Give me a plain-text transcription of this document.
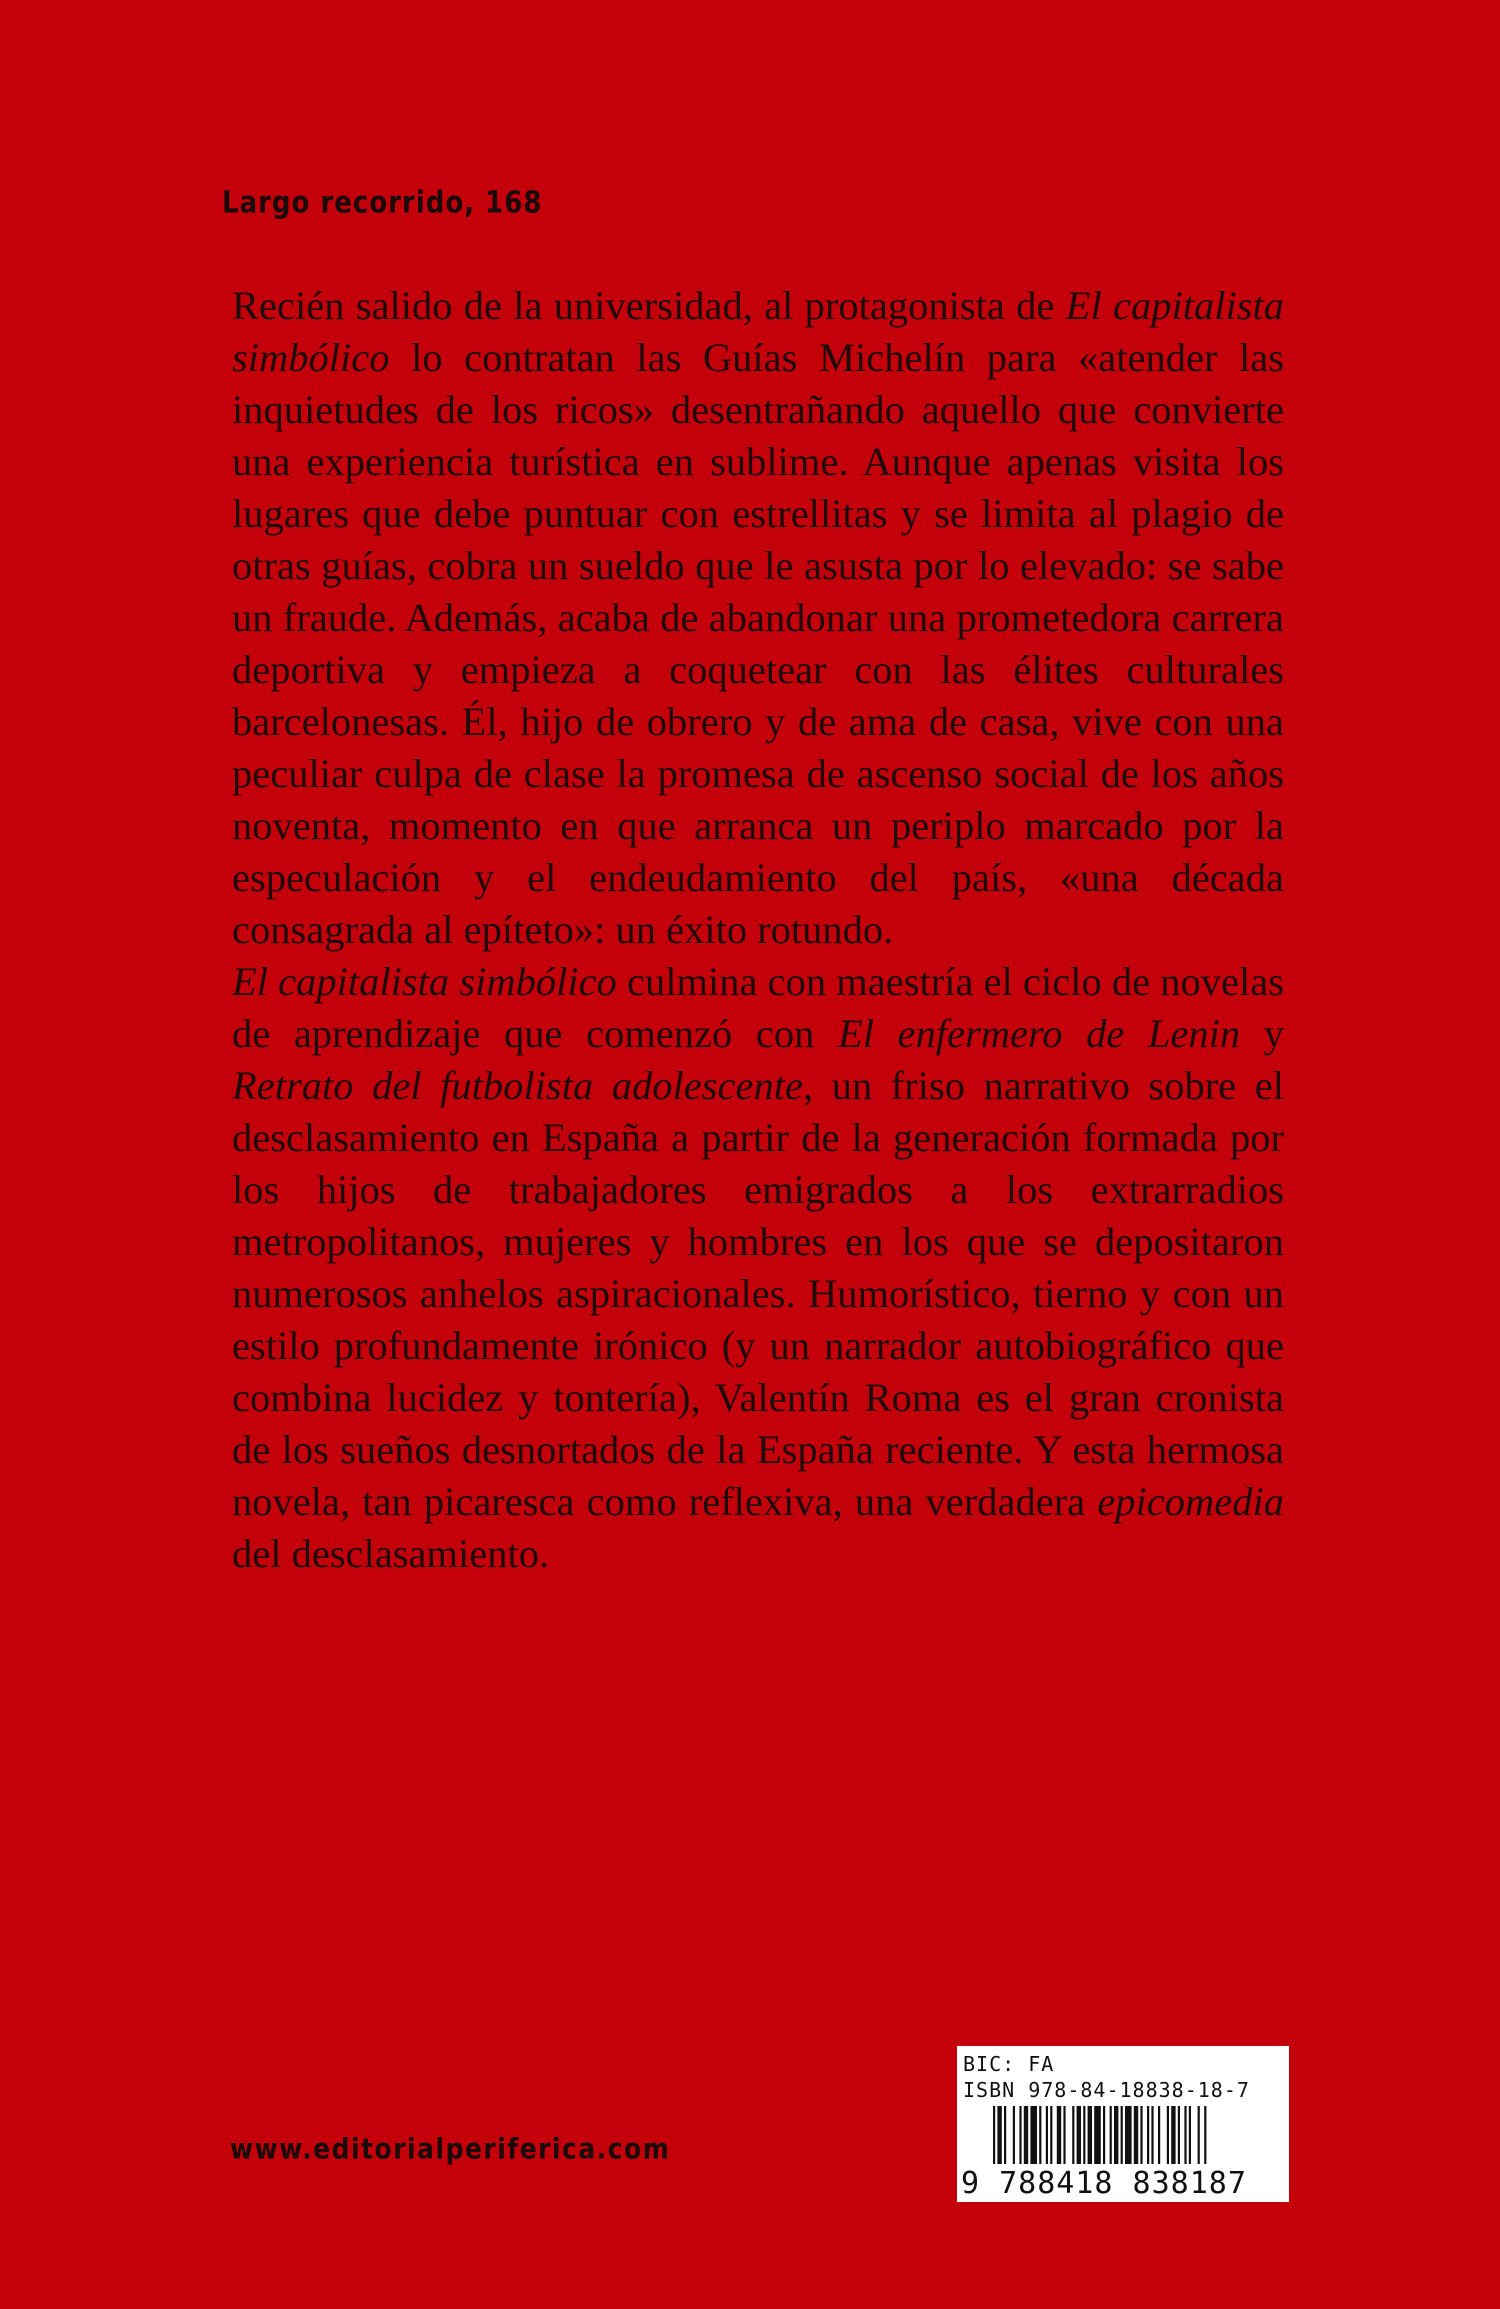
Largo recorrido, 168

Recién salido de la universidad, al protagonista de El capitalista simbólico lo contratan las Guías Michelín para «atender las inquietudes de los ricos» desentrañando aquello que convierte una experiencia turística en sublime. Aunque apenas visita los lugares que debe puntuar con estrellitas y se limita al plagio de otras guías, cobra un sueldo que le asusta por lo elevado: se sabe un fraude. Además, acaba de abandonar una prometedora carrera deportiva y empieza a coquetear con las élites culturales barcelonesas. Él, hijo de obrero y de ama de casa, vive con una peculiar culpa de clase la promesa de ascenso social de los años noventa, momento en que arranca un periplo marcado por la especulación y el endeudamiento del país, «una década consagrada al epíteto»: un éxito rotundo.

El capitalista simbólico culmina con maestría el ciclo de novelas de aprendizaje que comenzó con El enfermero de Lenin y Retrato del futbolista adolescente, un friso narrativo sobre el desclasamiento en España a partir de la generación formada por los hijos de trabajadores emigrados a los extrarradios metropolitanos, mujeres y hombres en los que se depositaron numerosos anhelos aspiracionales. Humorístico, tierno y con un estilo profundamente irónico (y un narrador autobiográfico que combina lucidez y tontería), Valentín Roma es el gran cronista de los sueños desnortados de la España reciente. Y esta hermosa novela, tan picaresca como reflexiva, una verdadera epicomedia del desclasamiento.

www.editorialperiferica.com
BIC: FA
ISBN 978-84-18838-18-7
9 788418 838187
